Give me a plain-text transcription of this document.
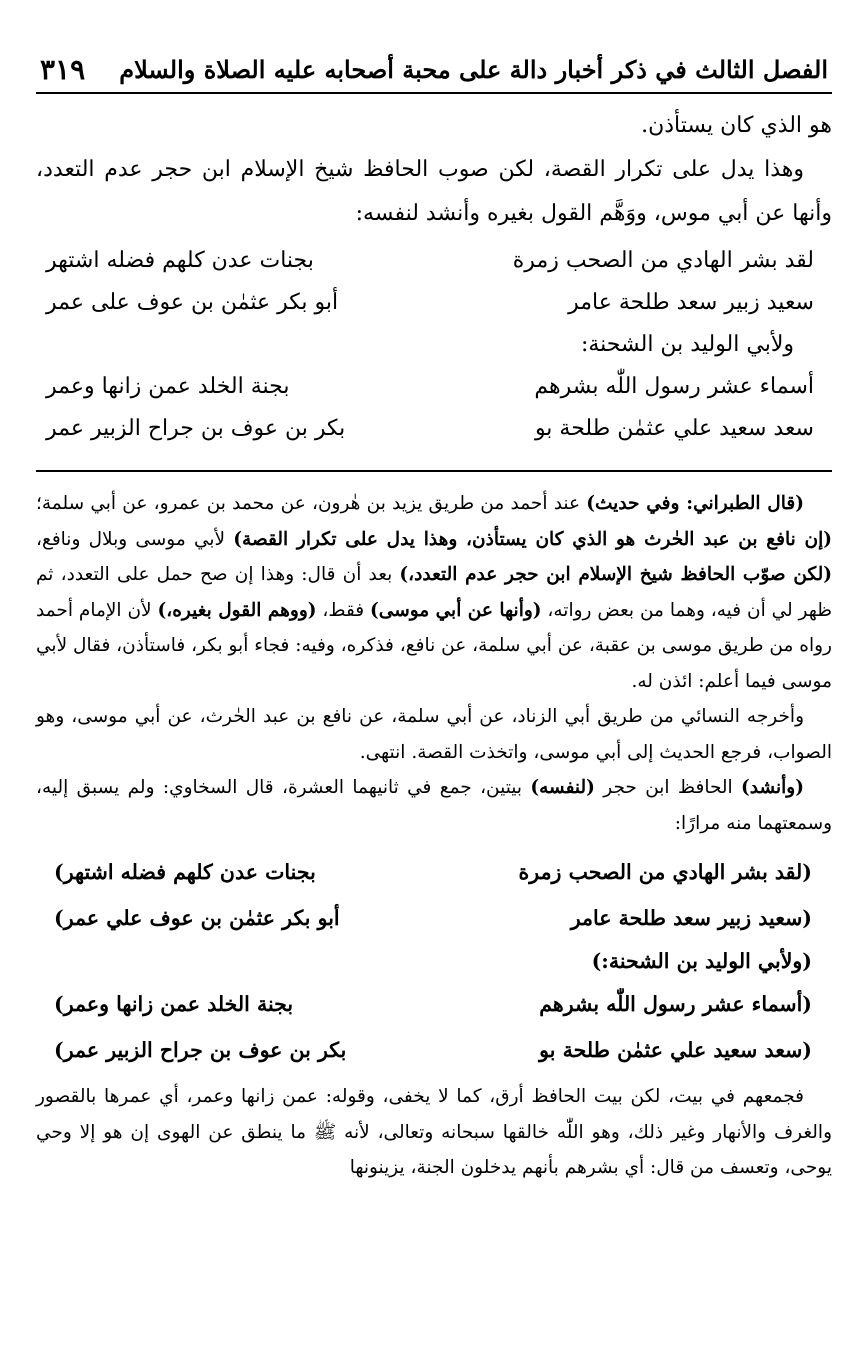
الفصل الثالث في ذكر أخبار دالة على محبة أصحابه عليه الصلاة والسلام
٣١٩

هو الذي كان يستأذن.

وهذا يدل على تكرار القصة، لكن صوب الحافظ شيخ الإسلام ابن حجر عدم التعدد، وأنها عن أبي موس، ووَهَّم القول بغيره وأنشد لنفسه:

لقد بشر الهادي من الصحب زمرة
بجنات عدن كلهم فضله اشتهر
سعيد زبير سعد طلحة عامر
أبو بكر عثمٰن بن عوف على عمر
ولأبي الوليد بن الشحنة:
أسماء عشر رسول اللّٰه بشرهم
بجنة الخلد عمن زانها وعمر
سعد سعيد علي عثمٰن طلحة بو
بكر بن عوف بن جراح الزبير عمر

(قال الطبراني: وفي حديث) عند أحمد من طريق يزيد بن هٰرون، عن محمد بن عمرو، عن أبي سلمة؛ (إن نافع بن عبد الحٰرث هو الذي كان يستأذن، وهذا يدل على تكرار القصة) لأبي موسى وبلال ونافع، (لكن صوّب الحافظ شيخ الإسلام ابن حجر عدم التعدد،) بعد أن قال: وهذا إن صح حمل على التعدد، ثم ظهر لي أن فيه، وهما من بعض رواته، (وأنها عن أبي موسى) فقط، (ووهم القول بغيره،) لأن الإمام أحمد رواه من طريق موسى بن عقبة، عن أبي سلمة، عن نافع، فذكره، وفيه: فجاء أبو بكر، فاستأذن، فقال لأبي موسى فيما أعلم: ائذن له.

وأخرجه النسائي من طريق أبي الزناد، عن أبي سلمة، عن نافع بن عبد الحٰرث، عن أبي موسى، وهو الصواب، فرجع الحديث إلى أبي موسى، واتخذت القصة. انتهى.

(وأنشد) الحافظ ابن حجر (لنفسه) بيتين، جمع في ثانيهما العشرة، قال السخاوي: ولم يسبق إليه، وسمعتهما منه مرارًا:

(لقد بشر الهادي من الصحب زمرة
بجنات عدن كلهم فضله اشتهر)
(سعيد زبير سعد طلحة عامر
أبو بكر عثمٰن بن عوف علي عمر)
(ولأبي الوليد بن الشحنة:)
(أسماء عشر رسول اللّٰه بشرهم
بجنة الخلد عمن زانها وعمر)
(سعد سعيد علي عثمٰن طلحة بو
بكر بن عوف بن جراح الزبير عمر)

فجمعهم في بيت، لكن بيت الحافظ أرق، كما لا يخفى، وقوله: عمن زانها وعمر، أي عمرها بالقصور والغرف والأنهار وغير ذلك، وهو اللّٰه خالقها سبحانه وتعالى، لأنه ﷺ ما ينطق عن الهوى إن هو إلا وحي يوحى، وتعسف من قال: أي بشرهم بأنهم يدخلون الجنة، يزينونها
